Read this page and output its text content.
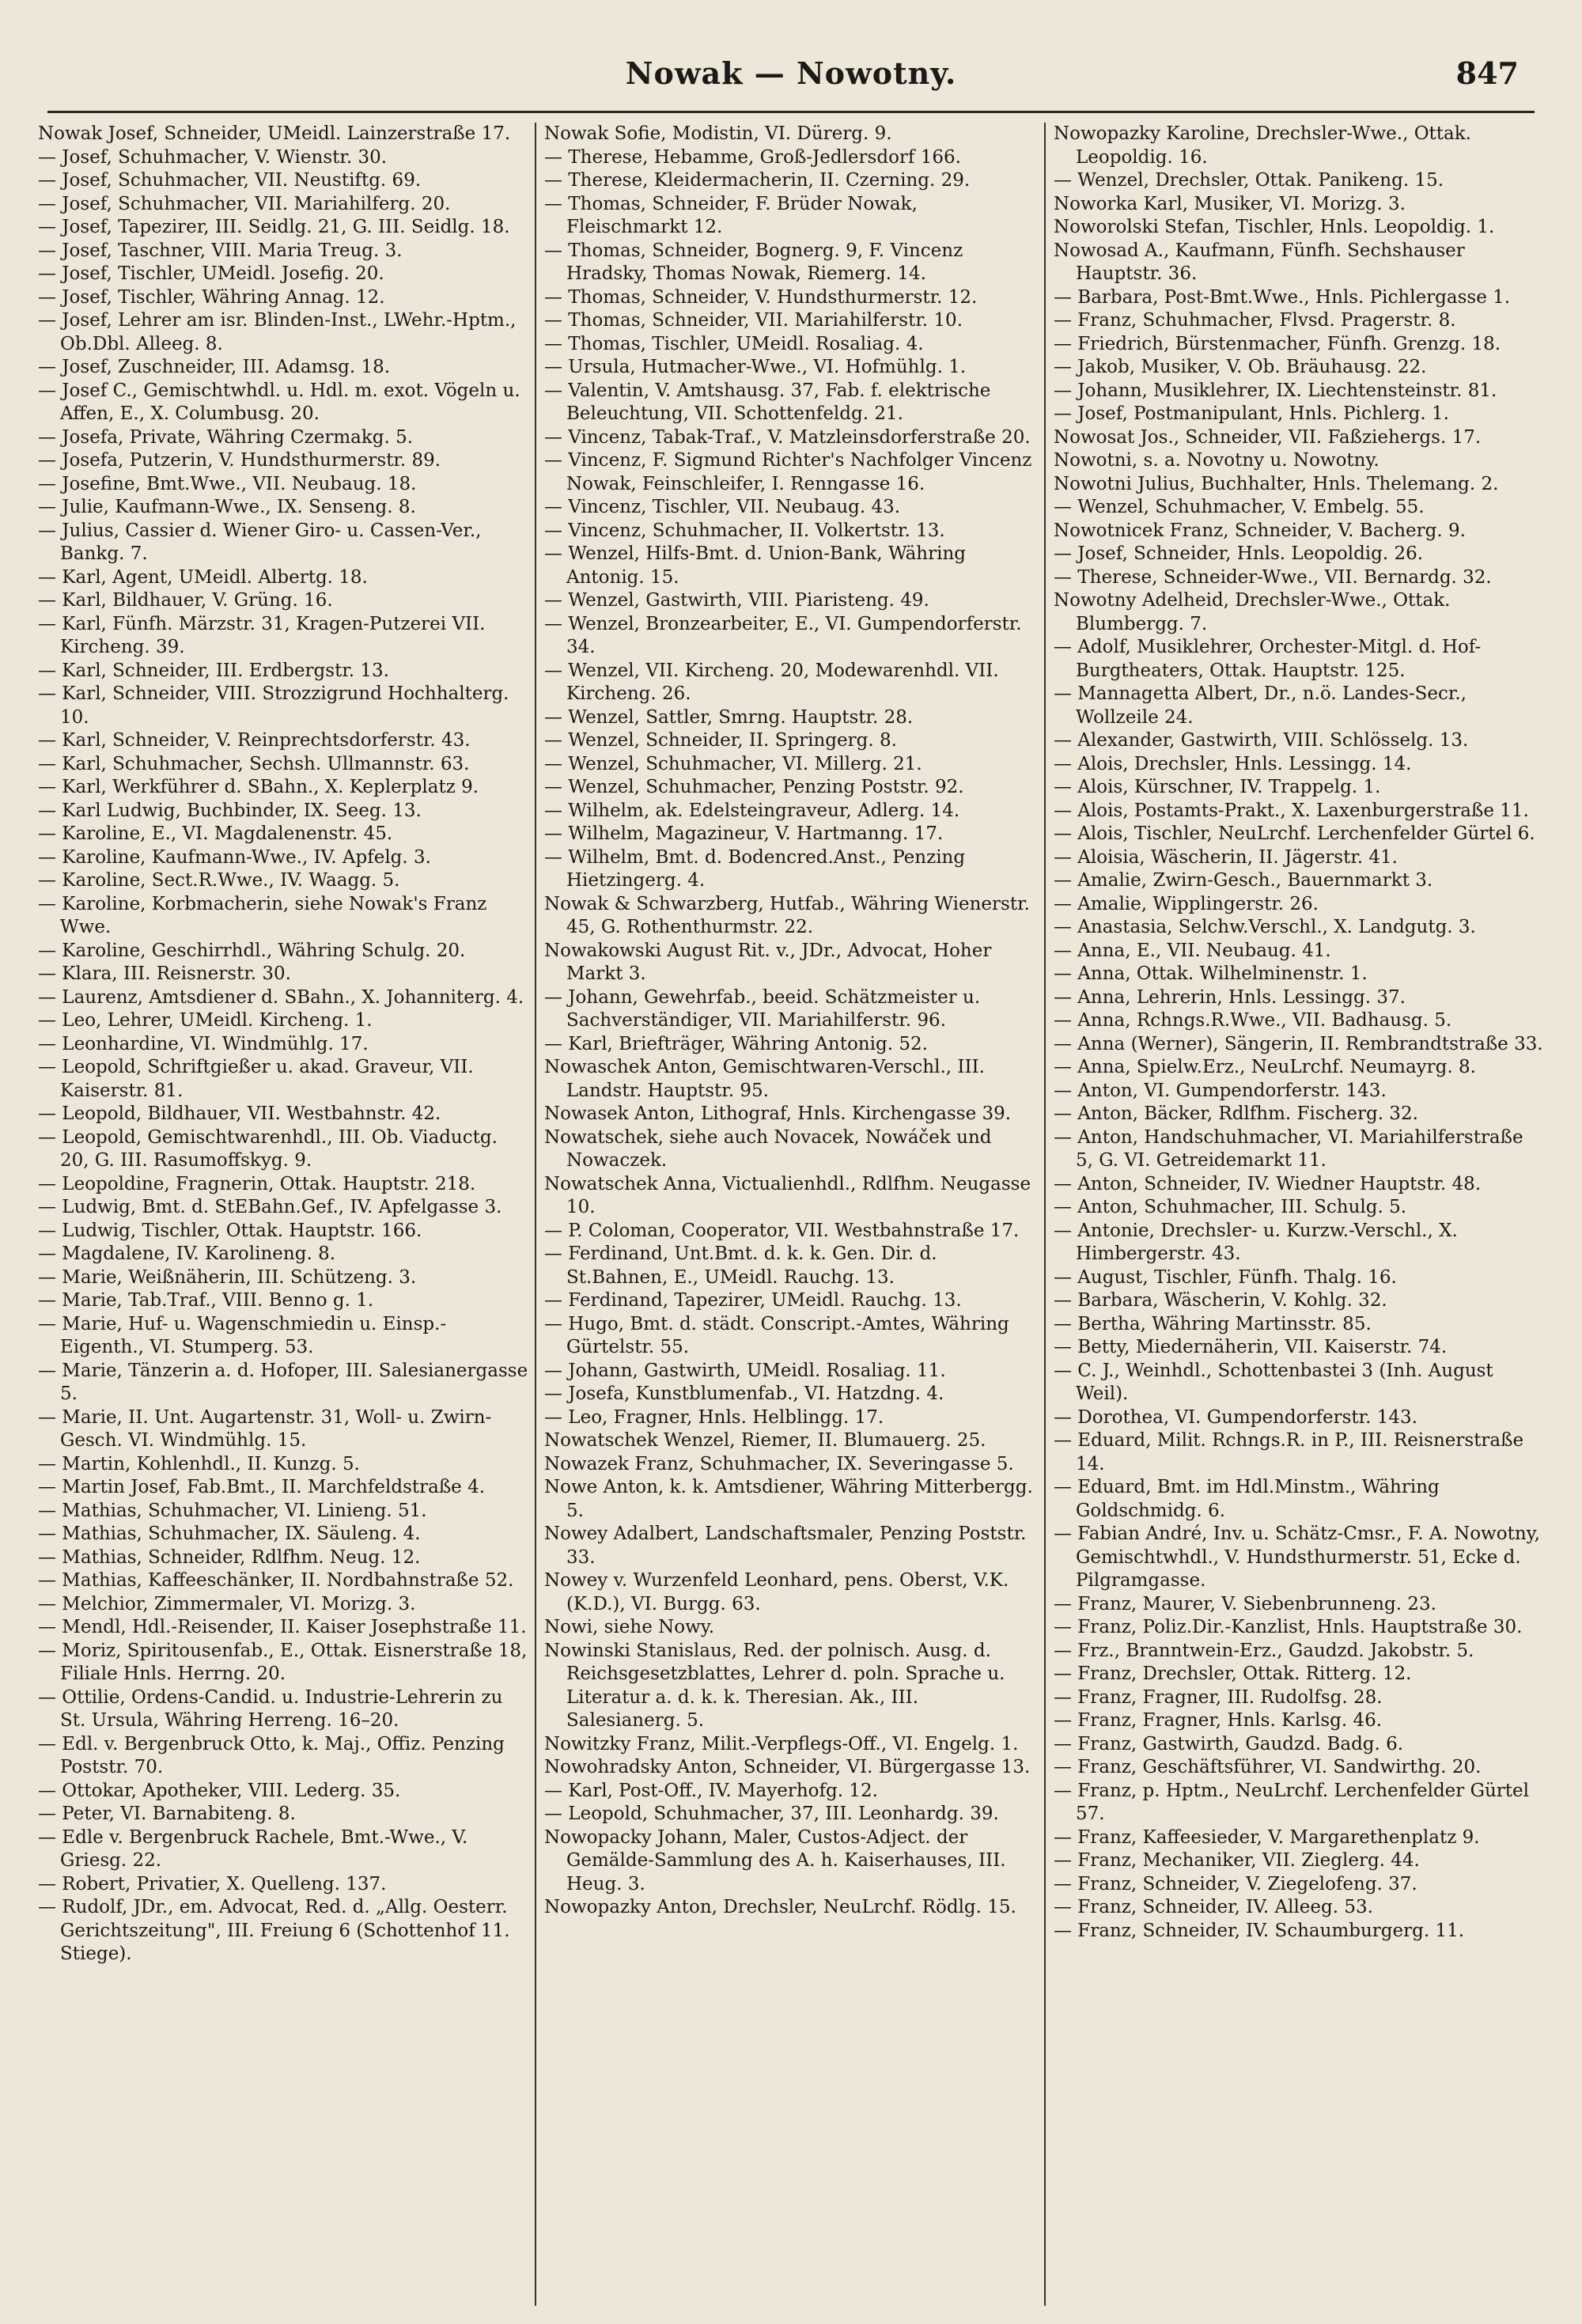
Nowak — Nowotny.	847

Nowak Josef, Schneider, UMeidl. Lainzerstraße 17.

— Josef, Schuhmacher, V. Wienstr. 30.

— Josef, Schuhmacher, VII. Neustiftg. 69.

— Josef, Schuhmacher, VII. Mariahilferg. 20.

— Josef, Tapezirer, III. Seidlg. 21, G. III. Seidlg. 18.

— Josef, Taschner, VIII. Maria Treug. 3.

— Josef, Tischler, UMeidl. Josefig. 20.

— Josef, Tischler, Währing Annag. 12.

— Josef, Lehrer am isr. Blinden-Inst., LWehr.-Hptm., Ob.Dbl. Alleeg. 8.

— Josef, Zuschneider, III. Adamsg. 18.

— Josef C., Gemischtwhdl. u. Hdl. m. exot. Vögeln u. Affen, E., X. Columbusg. 20.

— Josefa, Private, Währing Czermakg. 5.

— Josefa, Putzerin, V. Hundsthurmerstr. 89.

— Josefine, Bmt.Wwe., VII. Neubaug. 18.

— Julie, Kaufmann-Wwe., IX. Senseng. 8.

— Julius, Cassier d. Wiener Giro- u. Cassen-Ver., Bankg. 7.

— Karl, Agent, UMeidl. Albertg. 18.

— Karl, Bildhauer, V. Grüng. 16.

— Karl, Fünfh. Märzstr. 31, Kragen-Putzerei VII. Kircheng. 39.

— Karl, Schneider, III. Erdbergstr. 13.

— Karl, Schneider, VIII. Strozzigrund Hochhalterg. 10.

— Karl, Schneider, V. Reinprechtsdorferstr. 43.

— Karl, Schuhmacher, Sechsh. Ullmannstr. 63.

— Karl, Werkführer d. SBahn., X. Keplerplatz 9.

— Karl Ludwig, Buchbinder, IX. Seeg. 13.

— Karoline, E., VI. Magdalenenstr. 45.

— Karoline, Kaufmann-Wwe., IV. Apfelg. 3.

— Karoline, Sect.R.Wwe., IV. Waagg. 5.

— Karoline, Korbmacherin, siehe Nowak's Franz Wwe.

— Karoline, Geschirrhdl., Währing Schulg. 20.

— Klara, III. Reisnerstr. 30.

— Laurenz, Amtsdiener d. SBahn., X. Johanniterg. 4.

— Leo, Lehrer, UMeidl. Kircheng. 1.

— Leonhardine, VI. Windmühlg. 17.

— Leopold, Schriftgießer u. akad. Graveur, VII. Kaiserstr. 81.

— Leopold, Bildhauer, VII. Westbahnstr. 42.

— Leopold, Gemischtwarenhdl., III. Ob. Viaductg. 20, G. III. Rasumoffskyg. 9.

— Leopoldine, Fragnerin, Ottak. Hauptstr. 218.

— Ludwig, Bmt. d. StEBahn.Gef., IV. Apfelgasse 3.

— Ludwig, Tischler, Ottak. Hauptstr. 166.

— Magdalene, IV. Karolineng. 8.

— Marie, Weißnäherin, III. Schützeng. 3.

— Marie, Tab.Traf., VIII. Benno g. 1.

— Marie, Huf- u. Wagenschmiedin u. Einsp.-Eigenth., VI. Stumperg. 53.

— Marie, Tänzerin a. d. Hofoper, III. Salesianergasse 5.

— Marie, II. Unt. Augartenstr. 31, Woll- u. Zwirn-Gesch. VI. Windmühlg. 15.

— Martin, Kohlenhdl., II. Kunzg. 5.

— Martin Josef, Fab.Bmt., II. Marchfeldstraße 4.

— Mathias, Schuhmacher, VI. Linieng. 51.

— Mathias, Schuhmacher, IX. Säuleng. 4.

— Mathias, Schneider, Rdlfhm. Neug. 12.

— Mathias, Kaffeeschänker, II. Nordbahnstraße 52.

— Melchior, Zimmermaler, VI. Morizg. 3.

— Mendl, Hdl.-Reisender, II. Kaiser Josephstraße 11.

— Moriz, Spiritousenfab., E., Ottak. Eisnerstraße 18, Filiale Hnls. Herrng. 20.

— Ottilie, Ordens-Candid. u. Industrie-Lehrerin zu St. Ursula, Währing Herreng. 16–20.

— Edl. v. Bergenbruck Otto, k. Maj., Offiz. Penzing Poststr. 70.

— Ottokar, Apotheker, VIII. Lederg. 35.

— Peter, VI. Barnabiteng. 8.

— Edle v. Bergenbruck Rachele, Bmt.-Wwe., V. Griesg. 22.

— Robert, Privatier, X. Quelleng. 137.

— Rudolf, JDr., em. Advocat, Red. d. „Allg. Oesterr. Gerichtszeitung", III. Freiung 6 (Schottenhof 11. Stiege).

Nowak Sofie, Modistin, VI. Dürerg. 9.

— Therese, Hebamme, Groß-Jedlersdorf 166.

— Therese, Kleidermacherin, II. Czerning. 29.

— Thomas, Schneider, F. Brüder Nowak, Fleischmarkt 12.

— Thomas, Schneider, Bognerg. 9, F. Vincenz Hradsky, Thomas Nowak, Riemerg. 14.

— Thomas, Schneider, V. Hundsthurmerstr. 12.

— Thomas, Schneider, VII. Mariahilferstr. 10.

— Thomas, Tischler, UMeidl. Rosaliag. 4.

— Ursula, Hutmacher-Wwe., VI. Hofmühlg. 1.

— Valentin, V. Amtshausg. 37, Fab. f. elektrische Beleuchtung, VII. Schottenfeldg. 21.

— Vincenz, Tabak-Traf., V. Matzleinsdorferstraße 20.

— Vincenz, F. Sigmund Richter's Nachfolger Vincenz Nowak, Feinschleifer, I. Renngasse 16.

— Vincenz, Tischler, VII. Neubaug. 43.

— Vincenz, Schuhmacher, II. Volkertstr. 13.

— Wenzel, Hilfs-Bmt. d. Union-Bank, Währing Antonig. 15.

— Wenzel, Gastwirth, VIII. Piaristeng. 49.

— Wenzel, Bronzearbeiter, E., VI. Gumpendorferstr. 34.

— Wenzel, VII. Kircheng. 20, Modewarenhdl. VII. Kircheng. 26.

— Wenzel, Sattler, Smrng. Hauptstr. 28.

— Wenzel, Schneider, II. Springerg. 8.

— Wenzel, Schuhmacher, VI. Millerg. 21.

— Wenzel, Schuhmacher, Penzing Poststr. 92.

— Wilhelm, ak. Edelsteingraveur, Adlerg. 14.

— Wilhelm, Magazineur, V. Hartmanng. 17.

— Wilhelm, Bmt. d. Bodencred.Anst., Penzing Hietzingerg. 4.

Nowak & Schwarzberg, Hutfab., Währing Wienerstr. 45, G. Rothenthurmstr. 22.

Nowakowski August Rit. v., JDr., Advocat, Hoher Markt 3.

— Johann, Gewehrfab., beeid. Schätzmeister u. Sachverständiger, VII. Mariahilferstr. 96.

— Karl, Briefträger, Währing Antonig. 52.

Nowaschek Anton, Gemischtwaren-Verschl., III. Landstr. Hauptstr. 95.

Nowasek Anton, Lithograf, Hnls. Kirchengasse 39.

Nowatschek, siehe auch Novacek, Nowáček und Nowaczek.

Nowatschek Anna, Victualienhdl., Rdlfhm. Neugasse 10.

— P. Coloman, Cooperator, VII. Westbahnstraße 17.

— Ferdinand, Unt.Bmt. d. k. k. Gen. Dir. d. St.Bahnen, E., UMeidl. Rauchg. 13.

— Ferdinand, Tapezirer, UMeidl. Rauchg. 13.

— Hugo, Bmt. d. städt. Conscript.-Amtes, Währing Gürtelstr. 55.

— Johann, Gastwirth, UMeidl. Rosaliag. 11.

— Josefa, Kunstblumenfab., VI. Hatzdng. 4.

— Leo, Fragner, Hnls. Helblingg. 17.

Nowatschek Wenzel, Riemer, II. Blumauerg. 25.

Nowazek Franz, Schuhmacher, IX. Severingasse 5.

Nowe Anton, k. k. Amtsdiener, Währing Mitterbergg. 5.

Nowey Adalbert, Landschaftsmaler, Penzing Poststr. 33.

Nowey v. Wurzenfeld Leonhard, pens. Oberst, V.K. (K.D.), VI. Burgg. 63.

Nowi, siehe Nowy.

Nowinski Stanislaus, Red. der polnisch. Ausg. d. Reichsgesetzblattes, Lehrer d. poln. Sprache u. Literatur a. d. k. k. Theresian. Ak., III. Salesianerg. 5.

Nowitzky Franz, Milit.-Verpflegs-Off., VI. Engelg. 1.

Nowohradsky Anton, Schneider, VI. Bürgergasse 13.

— Karl, Post-Off., IV. Mayerhofg. 12.

— Leopold, Schuhmacher, 37, III. Leonhardg. 39.

Nowopacky Johann, Maler, Custos-Adject. der Gemälde-Sammlung des A. h. Kaiserhauses, III. Heug. 3.

Nowopazky Anton, Drechsler, NeuLrchf. Rödlg. 15.

Nowopazky Karoline, Drechsler-Wwe., Ottak. Leopoldig. 16.

— Wenzel, Drechsler, Ottak. Panikeng. 15.

Noworka Karl, Musiker, VI. Morizg. 3.

Noworolski Stefan, Tischler, Hnls. Leopoldig. 1.

Nowosad A., Kaufmann, Fünfh. Sechshauser Hauptstr. 36.

— Barbara, Post-Bmt.Wwe., Hnls. Pichlergasse 1.

— Franz, Schuhmacher, Flvsd. Pragerstr. 8.

— Friedrich, Bürstenmacher, Fünfh. Grenzg. 18.

— Jakob, Musiker, V. Ob. Bräuhausg. 22.

— Johann, Musiklehrer, IX. Liechtensteinstr. 81.

— Josef, Postmanipulant, Hnls. Pichlerg. 1.

Nowosat Jos., Schneider, VII. Faßziehergs. 17.

Nowotni, s. a. Novotny u. Nowotny.

Nowotni Julius, Buchhalter, Hnls. Thelemang. 2.

— Wenzel, Schuhmacher, V. Embelg. 55.

Nowotnicek Franz, Schneider, V. Bacherg. 9.

— Josef, Schneider, Hnls. Leopoldig. 26.

— Therese, Schneider-Wwe., VII. Bernardg. 32.

Nowotny Adelheid, Drechsler-Wwe., Ottak. Blumbergg. 7.

— Adolf, Musiklehrer, Orchester-Mitgl. d. Hof-Burgtheaters, Ottak. Hauptstr. 125.

— Mannagetta Albert, Dr., n.ö. Landes-Secr., Wollzeile 24.

— Alexander, Gastwirth, VIII. Schlösselg. 13.

— Alois, Drechsler, Hnls. Lessingg. 14.

— Alois, Kürschner, IV. Trappelg. 1.

— Alois, Postamts-Prakt., X. Laxenburgerstraße 11.

— Alois, Tischler, NeuLrchf. Lerchenfelder Gürtel 6.

— Aloisia, Wäscherin, II. Jägerstr. 41.

— Amalie, Zwirn-Gesch., Bauernmarkt 3.

— Amalie, Wipplingerstr. 26.

— Anastasia, Selchw.Verschl., X. Landgutg. 3.

— Anna, E., VII. Neubaug. 41.

— Anna, Ottak. Wilhelminenstr. 1.

— Anna, Lehrerin, Hnls. Lessingg. 37.

— Anna, Rchngs.R.Wwe., VII. Badhausg. 5.

— Anna (Werner), Sängerin, II. Rembrandtstraße 33.

— Anna, Spielw.Erz., NeuLrchf. Neumayrg. 8.

— Anton, VI. Gumpendorferstr. 143.

— Anton, Bäcker, Rdlfhm. Fischerg. 32.

— Anton, Handschuhmacher, VI. Mariahilferstraße 5, G. VI. Getreidemarkt 11.

— Anton, Schneider, IV. Wiedner Hauptstr. 48.

— Anton, Schuhmacher, III. Schulg. 5.

— Antonie, Drechsler- u. Kurzw.-Verschl., X. Himbergerstr. 43.

— August, Tischler, Fünfh. Thalg. 16.

— Barbara, Wäscherin, V. Kohlg. 32.

— Bertha, Währing Martinsstr. 85.

— Betty, Miedernäherin, VII. Kaiserstr. 74.

— C. J., Weinhdl., Schottenbastei 3 (Inh. August Weil).

— Dorothea, VI. Gumpendorferstr. 143.

— Eduard, Milit. Rchngs.R. in P., III. Reisnerstraße 14.

— Eduard, Bmt. im Hdl.Minstm., Währing Goldschmidg. 6.

— Fabian André, Inv. u. Schätz-Cmsr., F. A. Nowotny, Gemischtwhdl., V. Hundsthurmerstr. 51, Ecke d. Pilgramgasse.

— Franz, Maurer, V. Siebenbrunneng. 23.

— Franz, Poliz.Dir.-Kanzlist, Hnls. Hauptstraße 30.

— Frz., Branntwein-Erz., Gaudzd. Jakobstr. 5.

— Franz, Drechsler, Ottak. Ritterg. 12.

— Franz, Fragner, III. Rudolfsg. 28.

— Franz, Fragner, Hnls. Karlsg. 46.

— Franz, Gastwirth, Gaudzd. Badg. 6.

— Franz, Geschäftsführer, VI. Sandwirthg. 20.

— Franz, p. Hptm., NeuLrchf. Lerchenfelder Gürtel 57.

— Franz, Kaffeesieder, V. Margarethenplatz 9.

— Franz, Mechaniker, VII. Zieglerg. 44.

— Franz, Schneider, V. Ziegelofeng. 37.

— Franz, Schneider, IV. Alleeg. 53.

— Franz, Schneider, IV. Schaumburgerg. 11.
